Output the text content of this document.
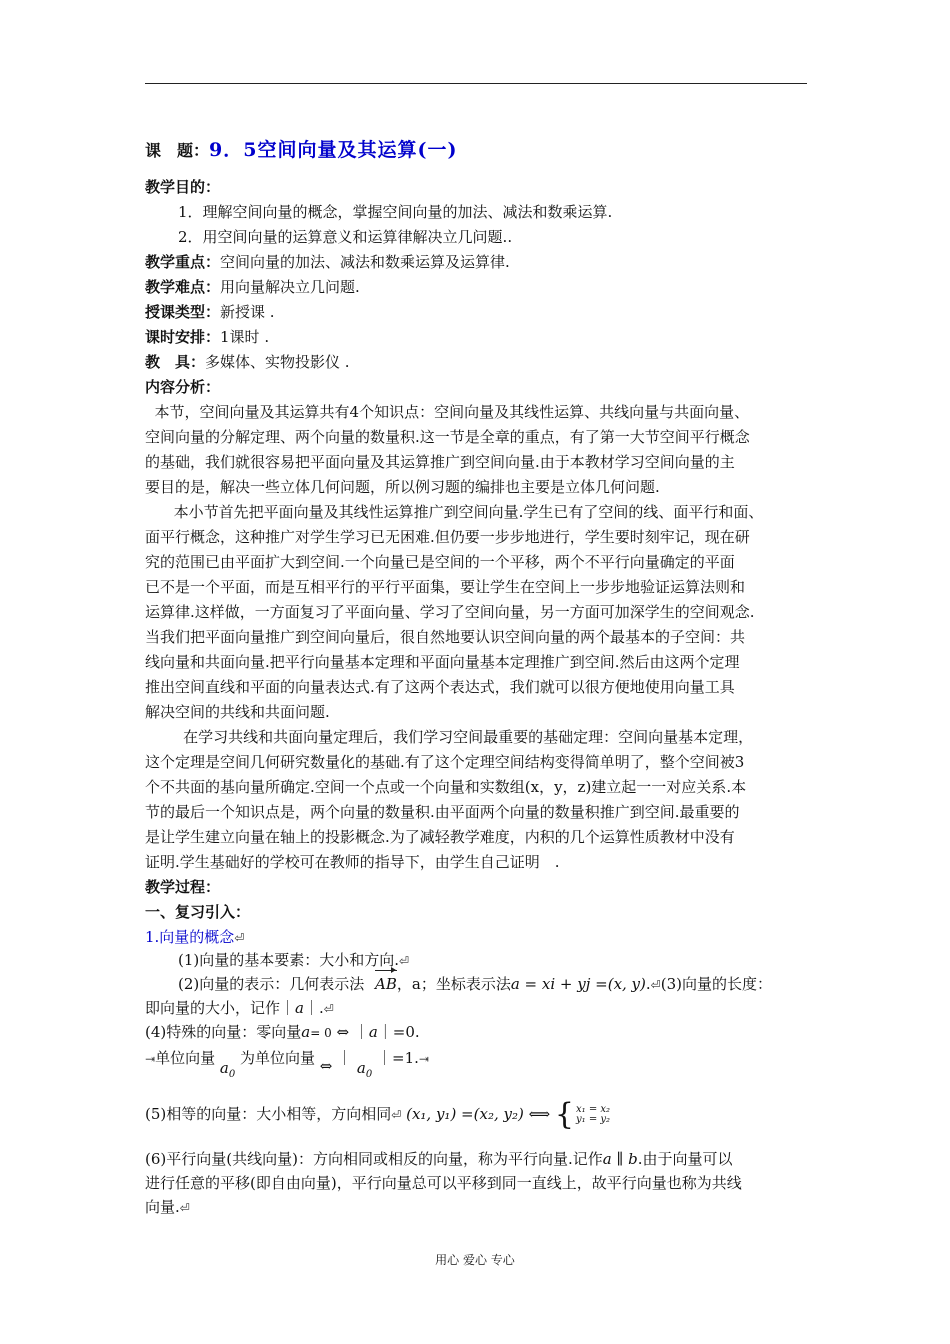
课　题：9．5空间向量及其运算(一)
教学目的：
1．理解空间向量的概念，掌握空间向量的加法、减法和数乘运算.
2．用空间向量的运算意义和运算律解决立几问题..
教学重点：空间向量的加法、减法和数乘运算及运算律.
教学难点：用向量解决立几问题.
授课类型：新授课 .
课时安排：1课时 .
教　具：多媒体、实物投影仪 .
内容分析：
本节，空间向量及其运算共有4个知识点：空间向量及其线性运算、共线向量与共面向量、
空间向量的分解定理、两个向量的数量积.这一节是全章的重点，有了第一大节空间平行概念
的基础，我们就很容易把平面向量及其运算推广到空间向量.由于本教材学习空间向量的主
要目的是，解决一些立体几何问题，所以例习题的编排也主要是立体几何问题.
本小节首先把平面向量及其线性运算推广到空间向量.学生已有了空间的线、面平行和面、
面平行概念，这种推广对学生学习已无困难.但仍要一步步地进行，学生要时刻牢记，现在研
究的范围已由平面扩大到空间.一个向量已是空间的一个平移，两个不平行向量确定的平面
已不是一个平面，而是互相平行的平行平面集，要让学生在空间上一步步地验证运算法则和
运算律.这样做，一方面复习了平面向量、学习了空间向量，另一方面可加深学生的空间观念.
当我们把平面向量推广到空间向量后，很自然地要认识空间向量的两个最基本的子空间：共
线向量和共面向量.把平行向量基本定理和平面向量基本定理推广到空间.然后由这两个定理
推出空间直线和平面的向量表达式.有了这两个表达式，我们就可以很方便地使用向量工具
解决空间的共线和共面问题.
在学习共线和共面向量定理后，我们学习空间最重要的基础定理：空间向量基本定理，
这个定理是空间几何研究数量化的基础.有了这个定理空间结构变得简单明了，整个空间被3
个不共面的基向量所确定.空间一个点或一个向量和实数组(x，y，z)建立起一一对应关系.本
节的最后一个知识点是，两个向量的数量积.由平面两个向量的数量积推广到空间.最重要的
是让学生建立向量在轴上的投影概念.为了减轻教学难度，内积的几个运算性质教材中没有
证明.学生基础好的学校可在教师的指导下，由学生自己证明　.
教学过程：
一、复习引入：
1.向量的概念⏎
(1)向量的基本要素：大小和方向.⏎
(2)向量的表示：几何表示法 AB，a；坐标表示法a = xi + yj =(x, y).⏎(3)向量的长度：
即向量的大小，记作｜a｜.⏎
(4)特殊的向量：零向量a= 0 ⇔ ｜a｜=0.
⇥单位向量 $a_0$ 为单位向量 ⇔ ｜ $a_0$ ｜=1.⇥
(5)相等的向量：大小相等，方向相同⏎ (x₁, y₁) =(x₂, y₂) ⟺ { x₁ = x₂
y₁ = y₂
(6)平行向量(共线向量)：方向相同或相反的向量，称为平行向量.记作a ∥ b.由于向量可以
进行任意的平移(即自由向量)，平行向量总可以平移到同一直线上，故平行向量也称为共线
向量.⏎
用心 爱心 专心
